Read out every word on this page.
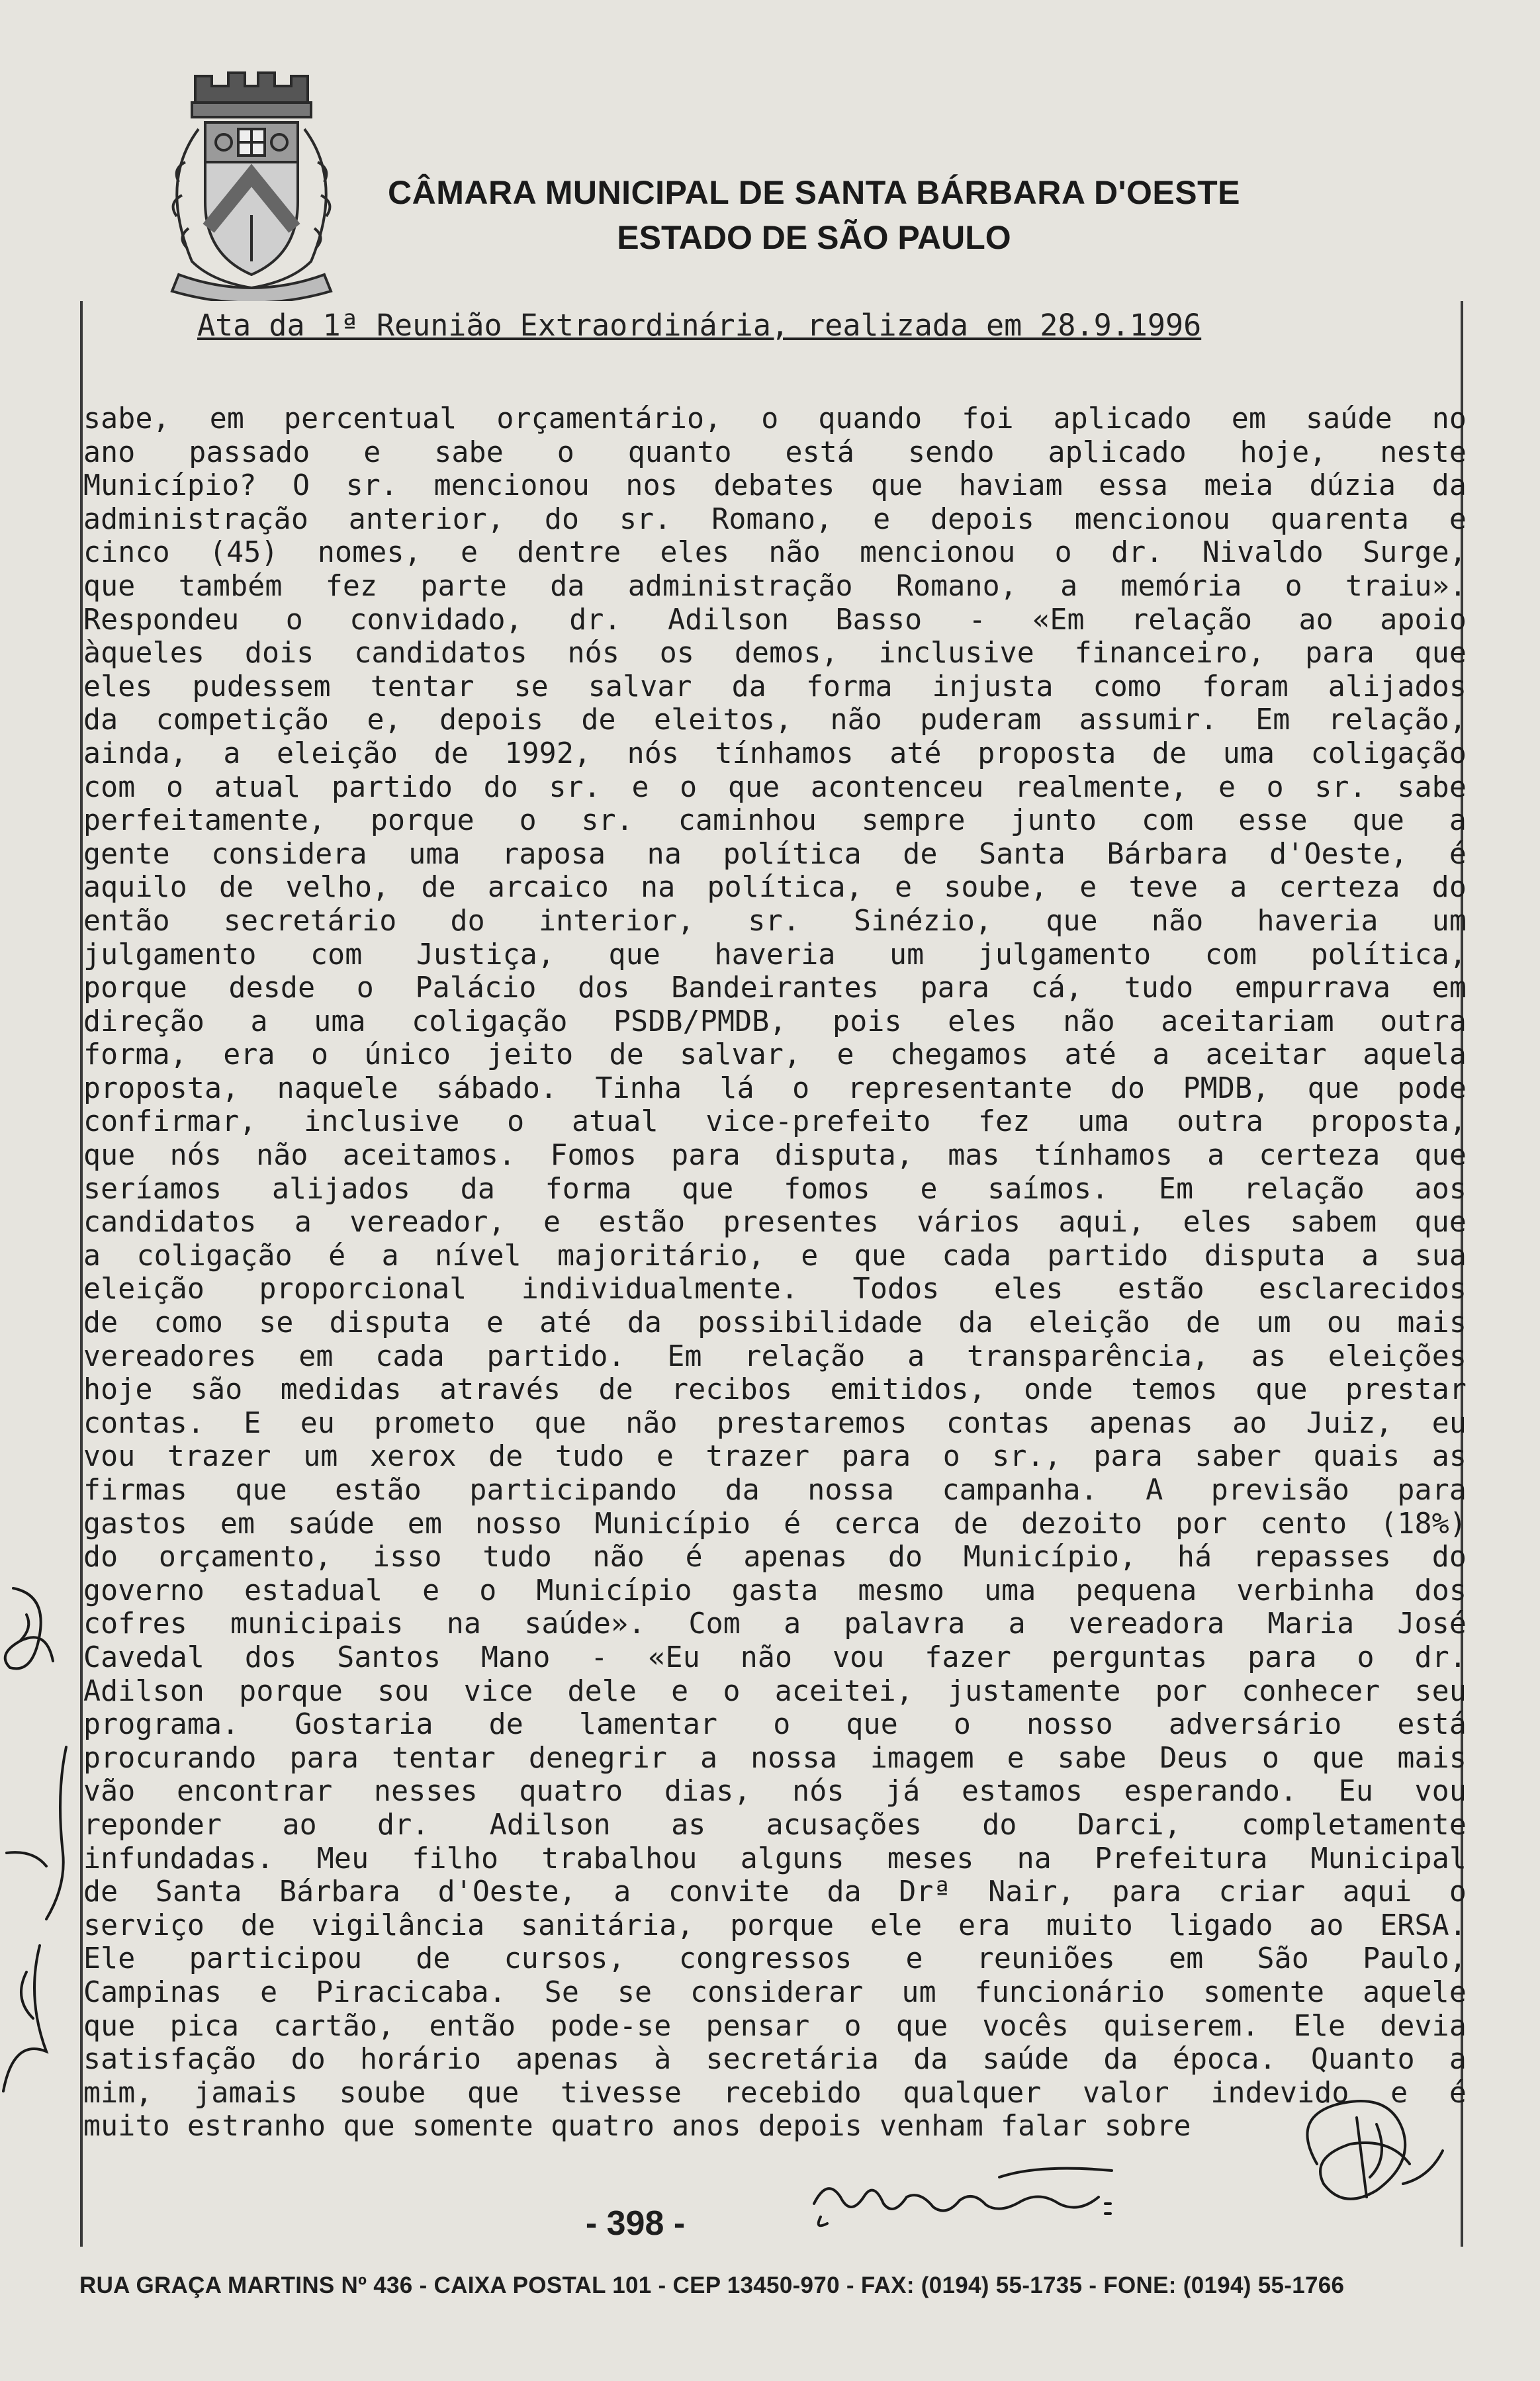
CÂMARA MUNICIPAL DE SANTA BÁRBARA D'OESTE
ESTADO DE SÃO PAULO
Ata da 1ª Reunião Extraordinária, realizada em 28.9.1996
sabe, em percentual orçamentário, o quando foi aplicado em saúde no
ano passado e sabe o quanto está sendo aplicado hoje, neste
Município? O sr. mencionou nos debates que haviam essa meia dúzia da
administração anterior, do sr. Romano, e depois mencionou quarenta e
cinco (45) nomes, e dentre eles não mencionou o dr. Nivaldo Surge,
que também fez parte da administração Romano, a memória o traiu».
Respondeu o convidado, dr. Adilson Basso - «Em relação ao apoio
àqueles dois candidatos nós os demos, inclusive financeiro, para que
eles pudessem tentar se salvar da forma injusta como foram alijados
da competição e, depois de eleitos, não puderam assumir. Em relação,
ainda, a eleição de 1992, nós tínhamos até proposta de uma coligação
com o atual partido do sr. e o que acontenceu realmente, e o sr. sabe
perfeitamente, porque o sr. caminhou sempre junto com esse que a
gente considera uma raposa na política de Santa Bárbara d'Oeste, é
aquilo de velho, de arcaico na política, e soube, e teve a certeza do
então secretário do interior, sr. Sinézio, que não haveria um
julgamento com Justiça, que haveria um julgamento com política,
porque desde o Palácio dos Bandeirantes para cá, tudo empurrava em
direção a uma coligação PSDB/PMDB, pois eles não aceitariam outra
forma, era o único jeito de salvar, e chegamos até a aceitar aquela
proposta, naquele sábado. Tinha lá o representante do PMDB, que pode
confirmar, inclusive o atual vice-prefeito fez uma outra proposta,
que nós não aceitamos. Fomos para disputa, mas tínhamos a certeza que
seríamos alijados da forma que fomos e saímos. Em relação aos
candidatos a vereador, e estão presentes vários aqui, eles sabem que
a coligação é a nível majoritário, e que cada partido disputa a sua
eleição proporcional individualmente. Todos eles estão esclarecidos
de como se disputa e até da possibilidade da eleição de um ou mais
vereadores em cada partido. Em relação a transparência, as eleições
hoje são medidas através de recibos emitidos, onde temos que prestar
contas. E eu prometo que não prestaremos contas apenas ao Juiz, eu
vou trazer um xerox de tudo e trazer para o sr., para saber quais as
firmas que estão participando da nossa campanha. A previsão para
gastos em saúde em nosso Município é cerca de dezoito por cento (18%)
do orçamento, isso tudo não é apenas do Município, há repasses do
governo estadual e o Município gasta mesmo uma pequena verbinha dos
cofres municipais na saúde». Com a palavra a vereadora Maria José
Cavedal dos Santos Mano - «Eu não vou fazer perguntas para o dr.
Adilson porque sou vice dele e o aceitei, justamente por conhecer seu
programa. Gostaria de lamentar o que o nosso adversário está
procurando para tentar denegrir a nossa imagem e sabe Deus o que mais
vão encontrar nesses quatro dias, nós já estamos esperando. Eu vou
reponder ao dr. Adilson as acusações do Darci, completamente
infundadas. Meu filho trabalhou alguns meses na Prefeitura Municipal
de Santa Bárbara d'Oeste, a convite da Drª Nair, para criar aqui o
serviço de vigilância sanitária, porque ele era muito ligado ao ERSA.
Ele participou de cursos, congressos e reuniões em São Paulo,
Campinas e Piracicaba. Se se considerar um funcionário somente aquele
que pica cartão, então pode-se pensar o que vocês quiserem. Ele devia
satisfação do horário apenas à secretária da saúde da época. Quanto a
mim, jamais soube que tivesse recebido qualquer valor indevido e é
muito estranho que somente quatro anos depois venham falar sobre
- 398 -
RUA GRAÇA MARTINS Nº 436 - CAIXA POSTAL 101 - CEP 13450-970 - FAX: (0194) 55-1735 - FONE: (0194) 55-1766
